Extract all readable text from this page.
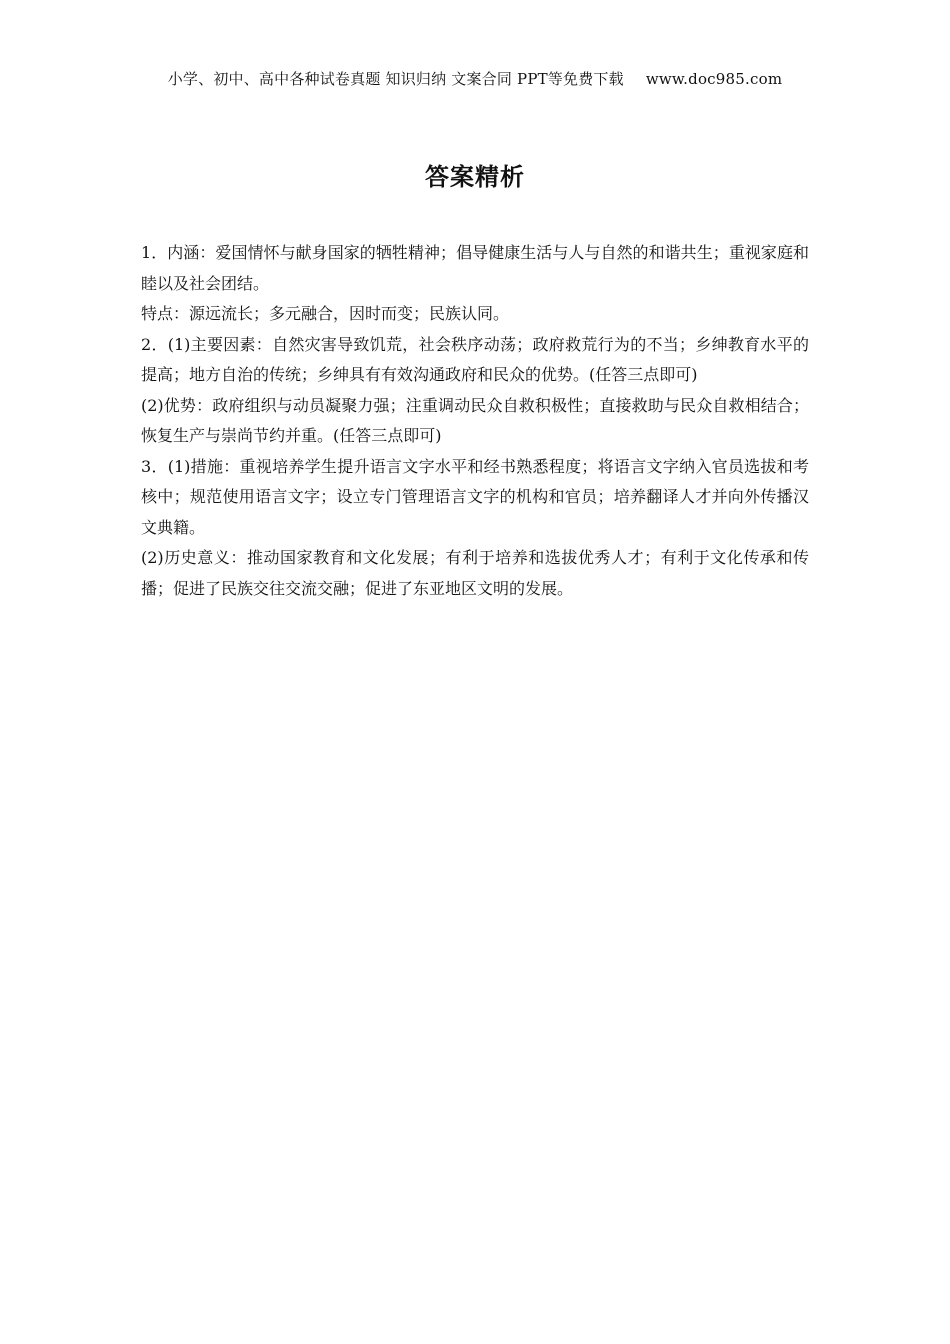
小学、初中、高中各种试卷真题 知识归纳 文案合同 PPT等免费下载 www.doc985.com
答案精析

1．内涵：爱国情怀与献身国家的牺牲精神；倡导健康生活与人与自然的和谐共生；重视家庭和睦以及社会团结。

特点：源远流长；多元融合，因时而变；民族认同。

2．(1)主要因素：自然灾害导致饥荒，社会秩序动荡；政府救荒行为的不当；乡绅教育水平的提高；地方自治的传统；乡绅具有有效沟通政府和民众的优势。(任答三点即可)

(2)优势：政府组织与动员凝聚力强；注重调动民众自救积极性；直接救助与民众自救相结合；恢复生产与崇尚节约并重。(任答三点即可)

3．(1)措施：重视培养学生提升语言文字水平和经书熟悉程度；将语言文字纳入官员选拔和考核中；规范使用语言文字；设立专门管理语言文字的机构和官员；培养翻译人才并向外传播汉文典籍。

(2)历史意义：推动国家教育和文化发展；有利于培养和选拔优秀人才；有利于文化传承和传播；促进了民族交往交流交融；促进了东亚地区文明的发展。
